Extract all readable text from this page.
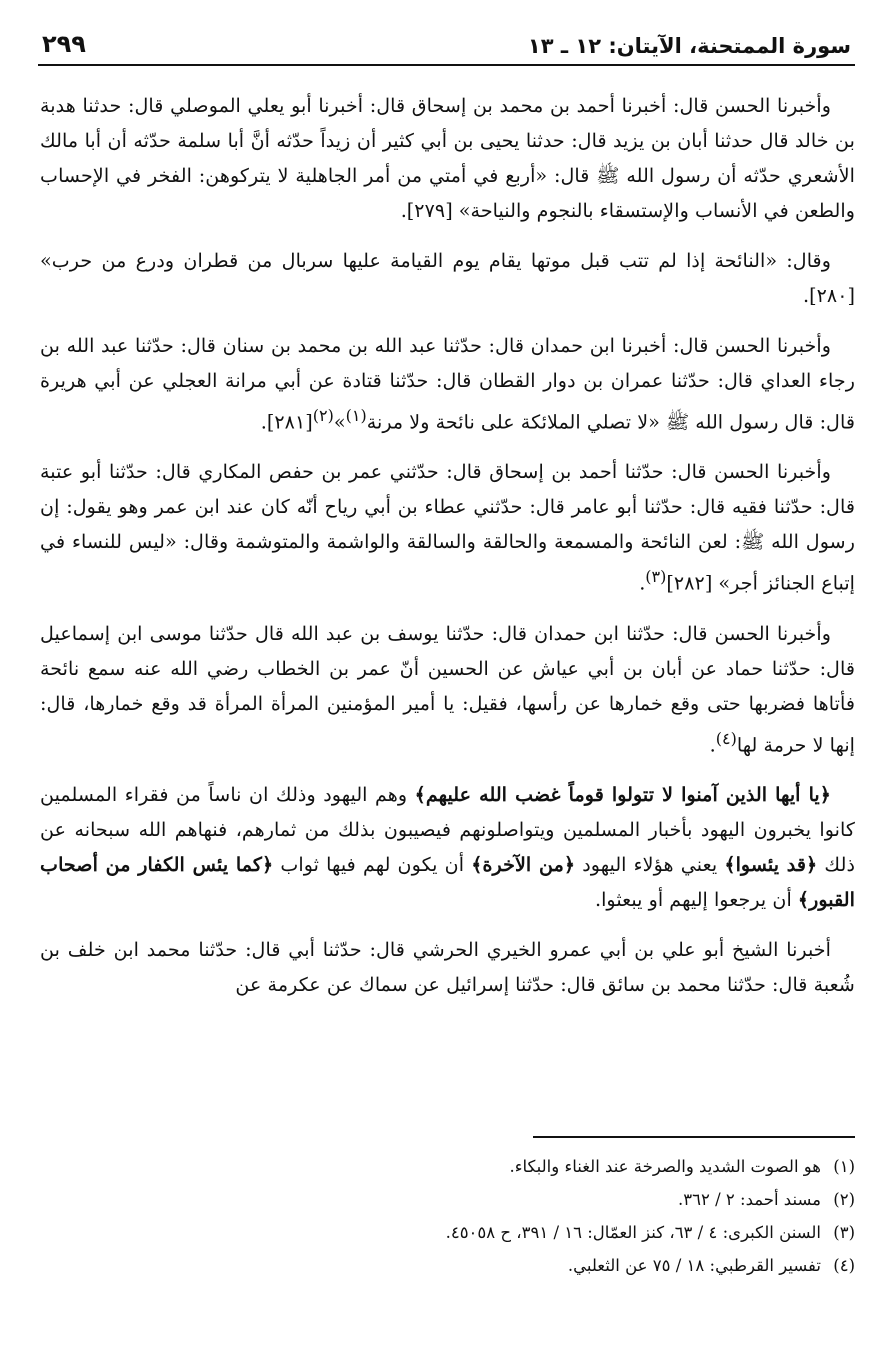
٢٩٩	سورة الممتحنة، الآيتان: ١٢ ـ ١٣

وأخبرنا الحسن قال: أخبرنا أحمد بن محمد بن إسحاق قال: أخبرنا أبو يعلي الموصلي قال: حدثنا هدبة بن خالد قال حدثنا أبان بن يزيد قال: حدثنا يحيى بن أبي كثير أن زيداً حدّثه أنَّ أبا سلمة حدّثه أن أبا مالك الأشعري حدّثه أن رسول الله ﷺ قال: «أربع في أمتي من أمر الجاهلية لا يتركوهن: الفخر في الإحساب والطعن في الأنساب والإستسقاء بالنجوم والنياحة» [٢٧٩].

وقال: «النائحة إذا لم تتب قبل موتها يقام يوم القيامة عليها سربال من قطران ودرع من حرب» [٢٨٠].

وأخبرنا الحسن قال: أخبرنا ابن حمدان قال: حدّثنا عبد الله بن محمد بن سنان قال: حدّثنا عبد الله بن رجاء العداي قال: حدّثنا عمران بن دوار القطان قال: حدّثنا قتادة عن أبي مرانة العجلي عن أبي هريرة قال: قال رسول الله ﷺ «لا تصلي الملائكة على نائحة ولا مرنة$^{(١)}$»$^{(٢)}$[٢٨١].

وأخبرنا الحسن قال: حدّثنا أحمد بن إسحاق قال: حدّثني عمر بن حفص المكاري قال: حدّثنا أبو عتبة قال: حدّثنا فقيه قال: حدّثنا أبو عامر قال: حدّثني عطاء بن أبي رياح أنّه كان عند ابن عمر وهو يقول: إن رسول الله ﷺ: لعن النائحة والمسمعة والحالقة والسالقة والواشمة والمتوشمة وقال: «ليس للنساء في إتباع الجنائز أجر» [٢٨٢]$^{(٣)}$.

وأخبرنا الحسن قال: حدّثنا ابن حمدان قال: حدّثنا يوسف بن عبد الله قال حدّثنا موسى ابن إسماعيل قال: حدّثنا حماد عن أبان بن أبي عياش عن الحسين أنّ عمر بن الخطاب رضي الله عنه سمع نائحة فأتاها فضربها حتى وقع خمارها عن رأسها، فقيل: يا أمير المؤمنين المرأة المرأة قد وقع خمارها، قال: إنها لا حرمة لها$^{(٤)}$.

﴿يا أيها الذين آمنوا لا تتولوا قوماً غضب الله عليهم﴾ وهم اليهود وذلك ان ناساً من فقراء المسلمين كانوا يخبرون اليهود بأخبار المسلمين ويتواصلونهم فيصيبون بذلك من ثمارهم، فنهاهم الله سبحانه عن ذلك ﴿قد يئسوا﴾ يعني هؤلاء اليهود ﴿من الآخرة﴾ أن يكون لهم فيها ثواب ﴿كما يئس الكفار من أصحاب القبور﴾ أن يرجعوا إليهم أو يبعثوا.

أخبرنا الشيخ أبو علي بن أبي عمرو الخيري الحرشي قال: حدّثنا أبي قال: حدّثنا محمد ابن خلف بن شُعبة قال: حدّثنا محمد بن سائق قال: حدّثنا إسرائيل عن سماك عن عكرمة عن

(١)هو الصوت الشديد والصرخة عند الغناء والبكاء.
(٢)مسند أحمد: ٢ / ٣٦٢.
(٣)السنن الكبرى: ٤ / ٦٣، كنز العمّال: ١٦ / ٣٩١، ح ٤٥٠٥٨.
(٤)تفسير القرطبي: ١٨ / ٧٥ عن الثعلبي.
